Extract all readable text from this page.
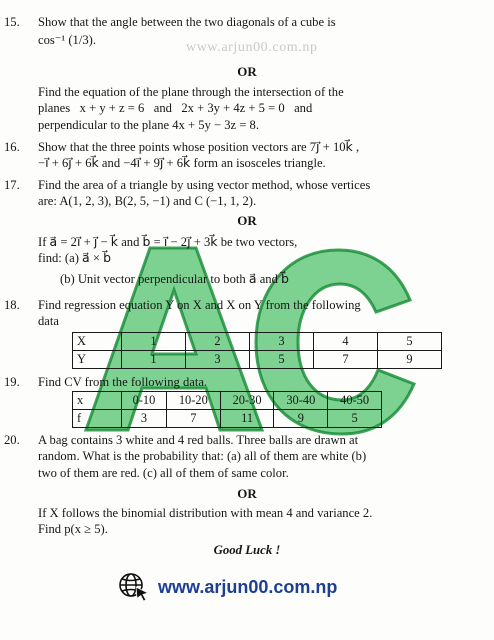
www.arjun00.com.np
15. Show that the angle between the two diagonals of a cube is
cos⁻¹ (1/3).
OR
Find the equation of the plane through the intersection of the
planes   x + y + z = 6   and   2x + 3y + 4z + 5 = 0   and
perpendicular to the plane 4x + 5y − 3z = 8.
16. Show that the three points whose position vectors are 7j⃗ + 10k⃗ ,
−i⃗ + 6j⃗ + 6k⃗ and −4i⃗ + 9j⃗ + 6k⃗ form an isosceles triangle.
17. Find the area of a triangle by using vector method, whose vertices
are: A(1, 2, 3), B(2, 5, −1) and C (−1, 1, 2).
OR
If a⃗ = 2i⃗ + j⃗ − k⃗ and b⃗ = i⃗ − 2j⃗ + 3k⃗ be two vectors,
find: (a) a⃗ × b⃗
(b) Unit vector perpendicular to both a⃗ and b⃗
18. Find regression equation Y on X and X on Y from the following
data
X	1	2	3	4	5
Y	1	3	5	7	9
19. Find CV from the following data.
x	0-10	10-20	20-30	30-40	40-50
f	3	7	11	9	5
20. A bag contains 3 white and 4 red balls. Three balls are drawn at
random. What is the probability that: (a) all of them are white (b)
two of them are red. (c) all of them of same color.
OR
If X follows the binomial distribution with mean 4 and variance 2.
Find p(x ≥ 5).
Good Luck !
www.arjun00.com.np
